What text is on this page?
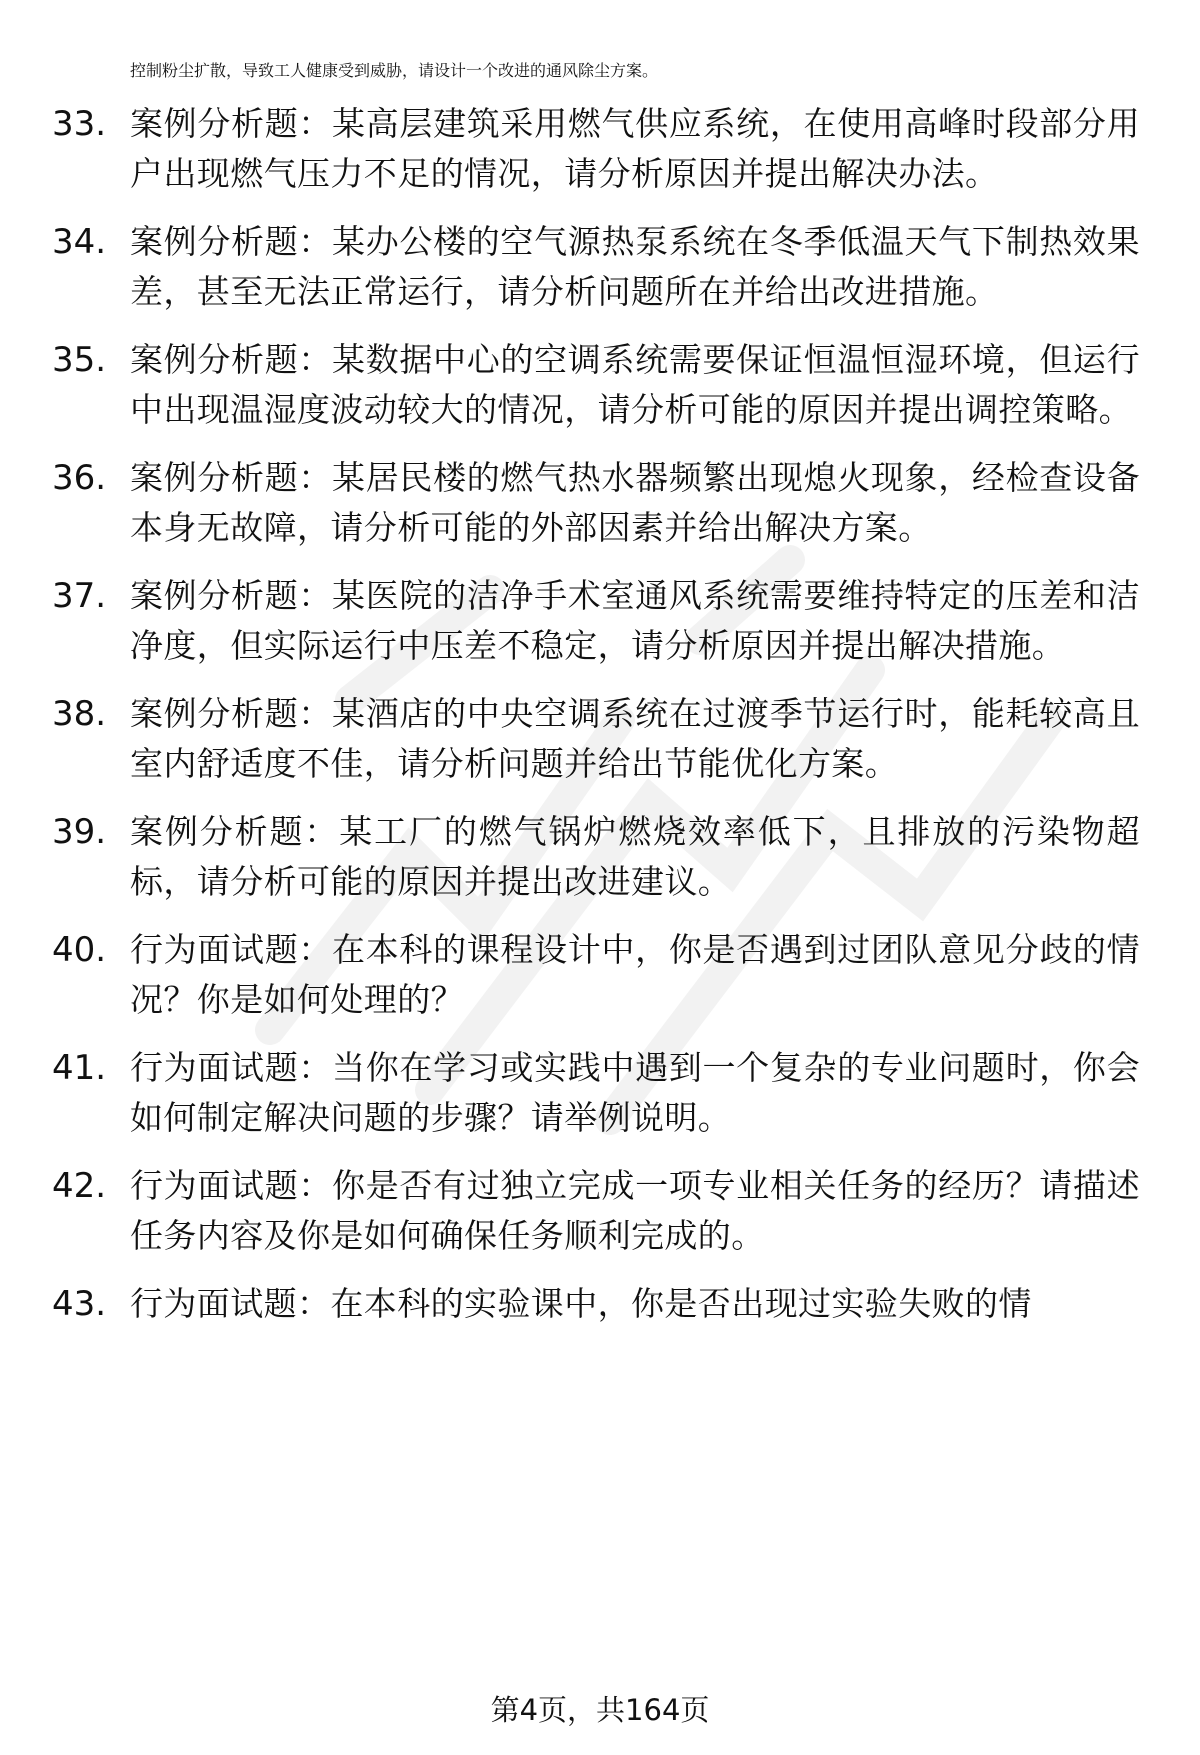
控制粉尘扩散，导致工人健康受到威胁，请设计一个改进的通风除尘方案。
33. 案例分析题：某高层建筑采用燃气供应系统，在使用高峰时段部分用户出现燃气压力不足的情况，请分析原因并提出解决办法。
34. 案例分析题：某办公楼的空气源热泵系统在冬季低温天气下制热效果差，甚至无法正常运行，请分析问题所在并给出改进措施。
35. 案例分析题：某数据中心的空调系统需要保证恒温恒湿环境，但运行中出现温湿度波动较大的情况，请分析可能的原因并提出调控策略。
36. 案例分析题：某居民楼的燃气热水器频繁出现熄火现象，经检查设备本身无故障，请分析可能的外部因素并给出解决方案。
37. 案例分析题：某医院的洁净手术室通风系统需要维持特定的压差和洁净度，但实际运行中压差不稳定，请分析原因并提出解决措施。
38. 案例分析题：某酒店的中央空调系统在过渡季节运行时，能耗较高且室内舒适度不佳，请分析问题并给出节能优化方案。
39. 案例分析题：某工厂的燃气锅炉燃烧效率低下，且排放的污染物超标，请分析可能的原因并提出改进建议。
40. 行为面试题：在本科的课程设计中，你是否遇到过团队意见分歧的情况？你是如何处理的？
41. 行为面试题：当你在学习或实践中遇到一个复杂的专业问题时，你会如何制定解决问题的步骤？请举例说明。
42. 行为面试题：你是否有过独立完成一项专业相关任务的经历？请描述任务内容及你是如何确保任务顺利完成的。
43. 行为面试题：在本科的实验课中，你是否出现过实验失败的情
第4页，共164页
